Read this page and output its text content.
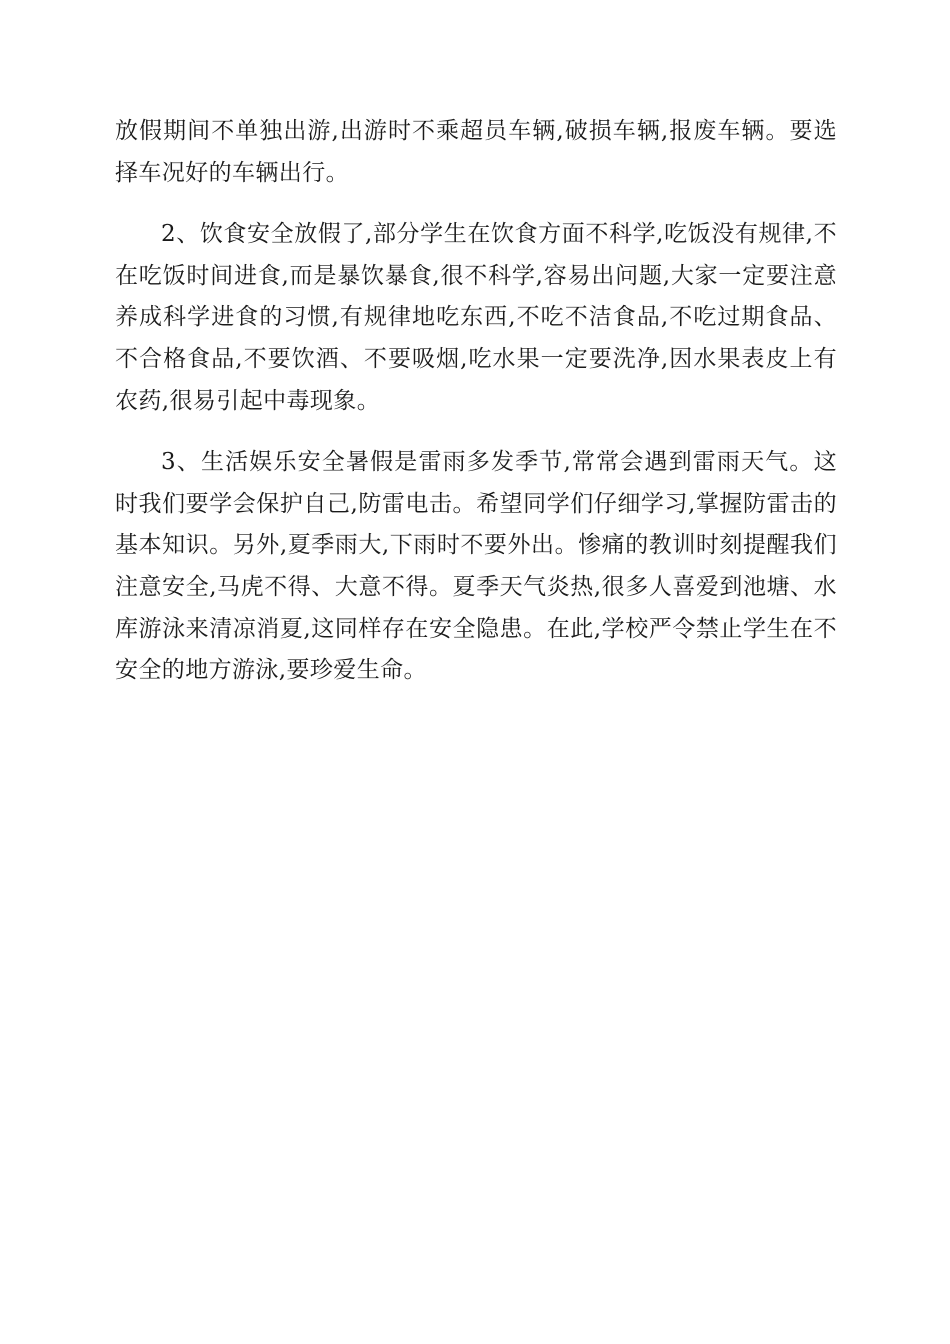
放假期间不单独出游,出游时不乘超员车辆,破损车辆,报废车辆。要选择车况好的车辆出行。

2、饮食安全放假了,部分学生在饮食方面不科学,吃饭没有规律,不在吃饭时间进食,而是暴饮暴食,很不科学,容易出问题,大家一定要注意养成科学进食的习惯,有规律地吃东西,不吃不洁食品,不吃过期食品、不合格食品,不要饮酒、不要吸烟,吃水果一定要洗净,因水果表皮上有农药,很易引起中毒现象。

3、生活娱乐安全暑假是雷雨多发季节,常常会遇到雷雨天气。这时我们要学会保护自己,防雷电击。希望同学们仔细学习,掌握防雷击的基本知识。另外,夏季雨大,下雨时不要外出。惨痛的教训时刻提醒我们注意安全,马虎不得、大意不得。夏季天气炎热,很多人喜爱到池塘、水库游泳来清凉消夏,这同样存在安全隐患。在此,学校严令禁止学生在不安全的地方游泳,要珍爱生命。
